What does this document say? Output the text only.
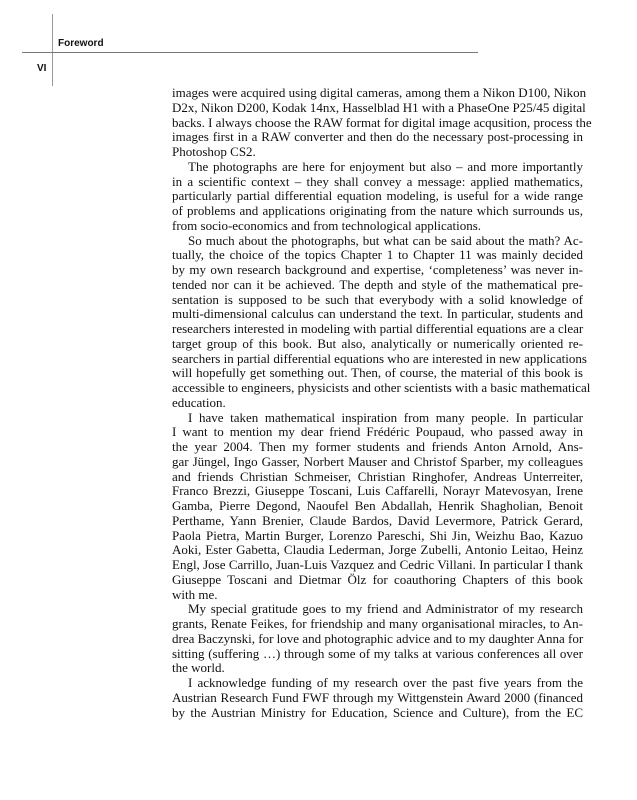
Foreword
VI
images were acquired using digital cameras, among them a Nikon D100, Nikon
D2x, Nikon D200, Kodak 14nx, Hasselblad H1 with a PhaseOne P25/45 digital
backs. I always choose the RAW format for digital image acqusition, process the
images first in a RAW converter and then do the necessary post-processing in
Photoshop CS2.
The photographs are here for enjoyment but also – and more importantly
in a scientific context – they shall convey a message: applied mathematics,
particularly partial differential equation modeling, is useful for a wide range
of problems and applications originating from the nature which surrounds us,
from socio-economics and from technological applications.
So much about the photographs, but what can be said about the math? Ac-
tually, the choice of the topics Chapter 1 to Chapter 11 was mainly decided
by my own research background and expertise, ‘completeness’ was never in-
tended nor can it be achieved. The depth and style of the mathematical pre-
sentation is supposed to be such that everybody with a solid knowledge of
multi-dimensional calculus can understand the text. In particular, students and
researchers interested in modeling with partial differential equations are a clear
target group of this book. But also, analytically or numerically oriented re-
searchers in partial differential equations who are interested in new applications
will hopefully get something out. Then, of course, the material of this book is
accessible to engineers, physicists and other scientists with a basic mathematical
education.
I have taken mathematical inspiration from many people. In particular
I want to mention my dear friend Frédéric Poupaud, who passed away in
the year 2004. Then my former students and friends Anton Arnold, Ans-
gar Jüngel, Ingo Gasser, Norbert Mauser and Christof Sparber, my colleagues
and friends Christian Schmeiser, Christian Ringhofer, Andreas Unterreiter,
Franco Brezzi, Giuseppe Toscani, Luis Caffarelli, Norayr Matevosyan, Irene
Gamba, Pierre Degond, Naoufel Ben Abdallah, Henrik Shagholian, Benoit
Perthame, Yann Brenier, Claude Bardos, David Levermore, Patrick Gerard,
Paola Pietra, Martin Burger, Lorenzo Pareschi, Shi Jin, Weizhu Bao, Kazuo
Aoki, Ester Gabetta, Claudia Lederman, Jorge Zubelli, Antonio Leitao, Heinz
Engl, Jose Carrillo, Juan-Luis Vazquez and Cedric Villani. In particular I thank
Giuseppe Toscani and Dietmar Ölz for coauthoring Chapters of this book
with me.
My special gratitude goes to my friend and Administrator of my research
grants, Renate Feikes, for friendship and many organisational miracles, to An-
drea Baczynski, for love and photographic advice and to my daughter Anna for
sitting (suffering …) through some of my talks at various conferences all over
the world.
I acknowledge funding of my research over the past five years from the
Austrian Research Fund FWF through my Wittgenstein Award 2000 (financed
by the Austrian Ministry for Education, Science and Culture), from the EC
